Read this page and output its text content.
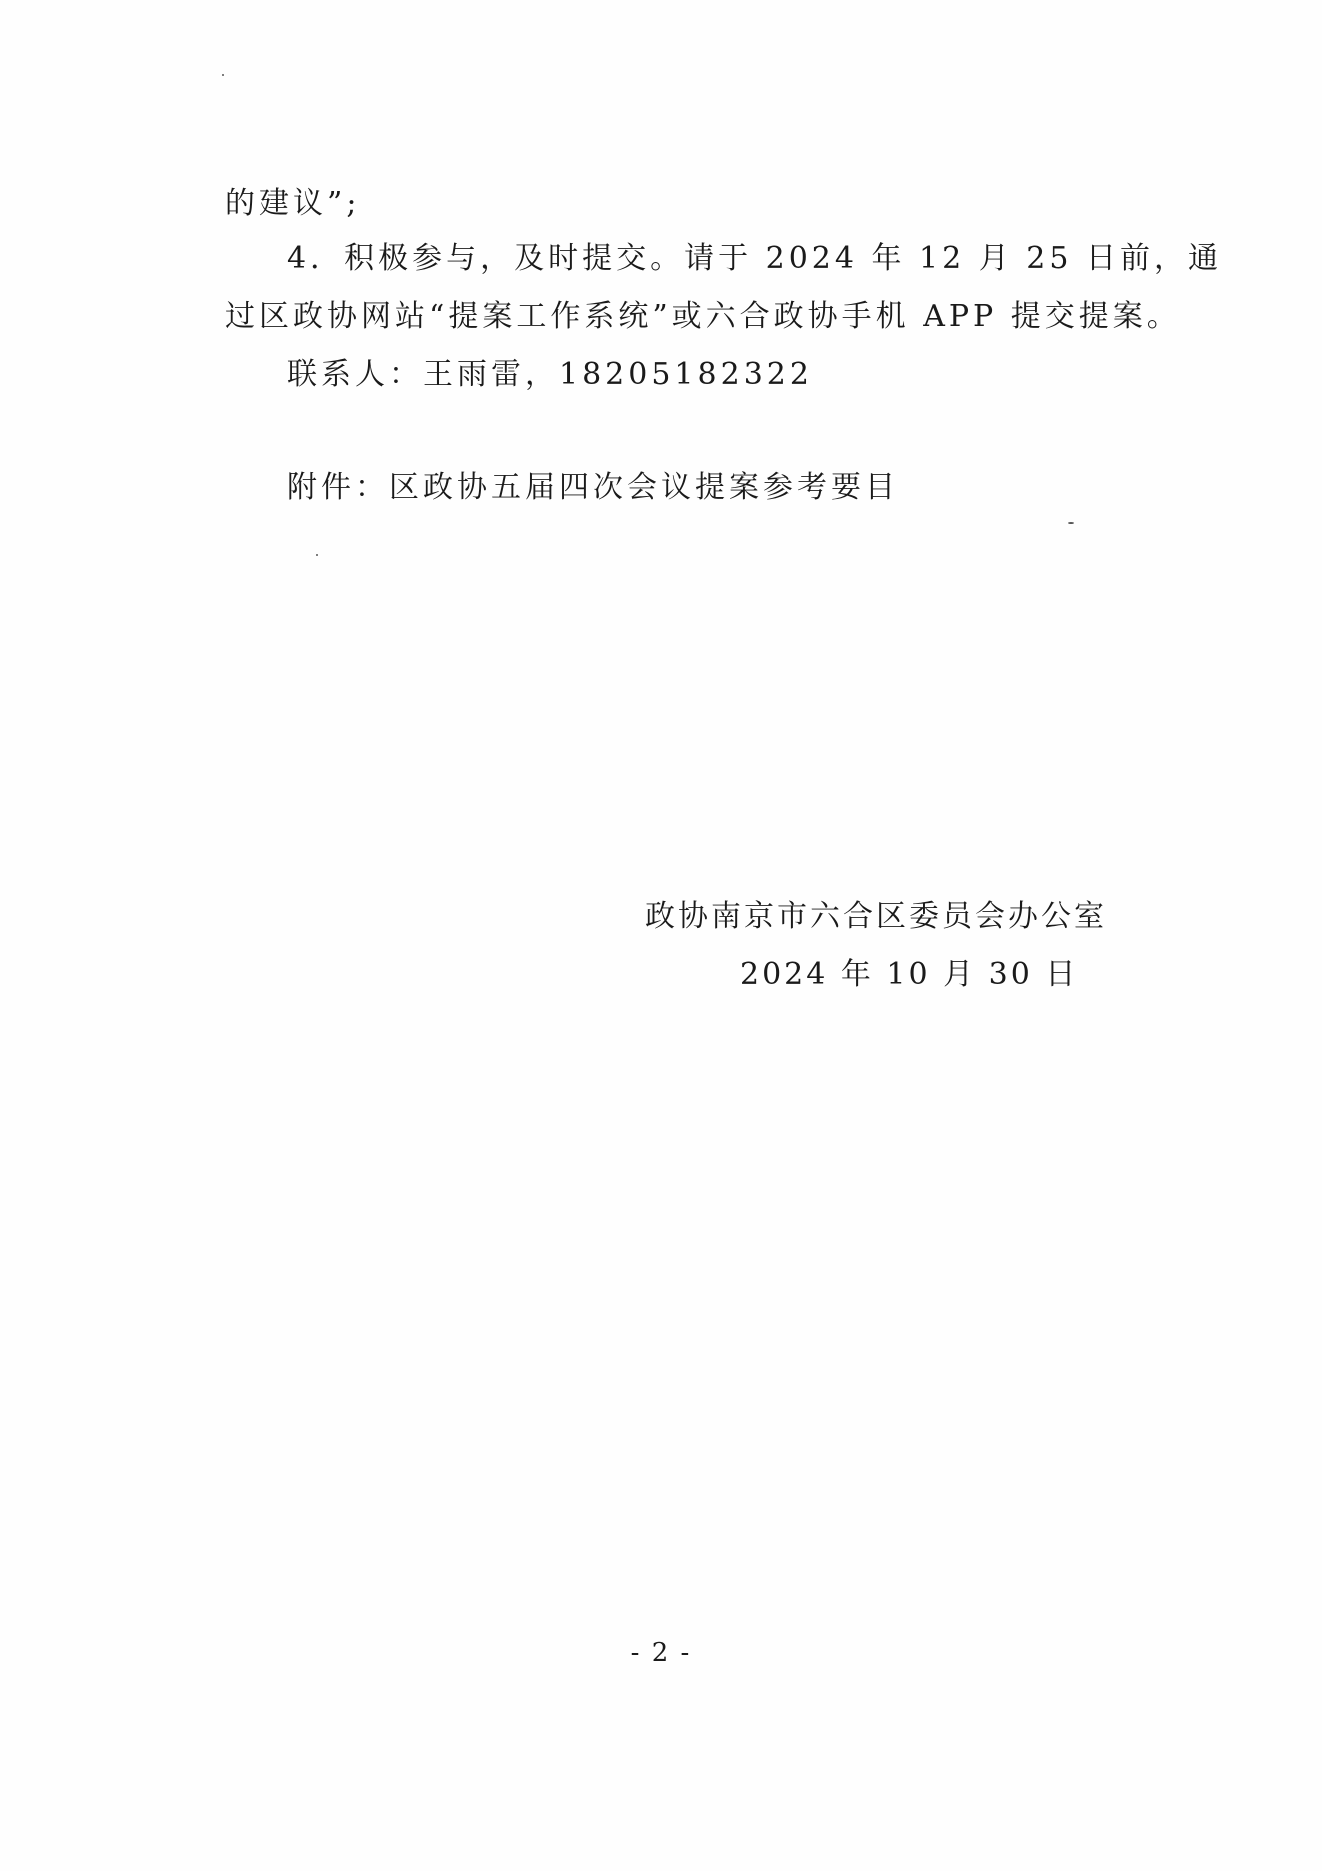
的建议”;
4．积极参与，及时提交。请于 2024 年 12 月 25 日前，通
过区政协网站“提案工作系统”或六合政协手机 APP 提交提案。
联系人：王雨雷，18205182322
附件：区政协五届四次会议提案参考要目
政协南京市六合区委员会办公室
2024 年 10 月 30 日
- 2 -
